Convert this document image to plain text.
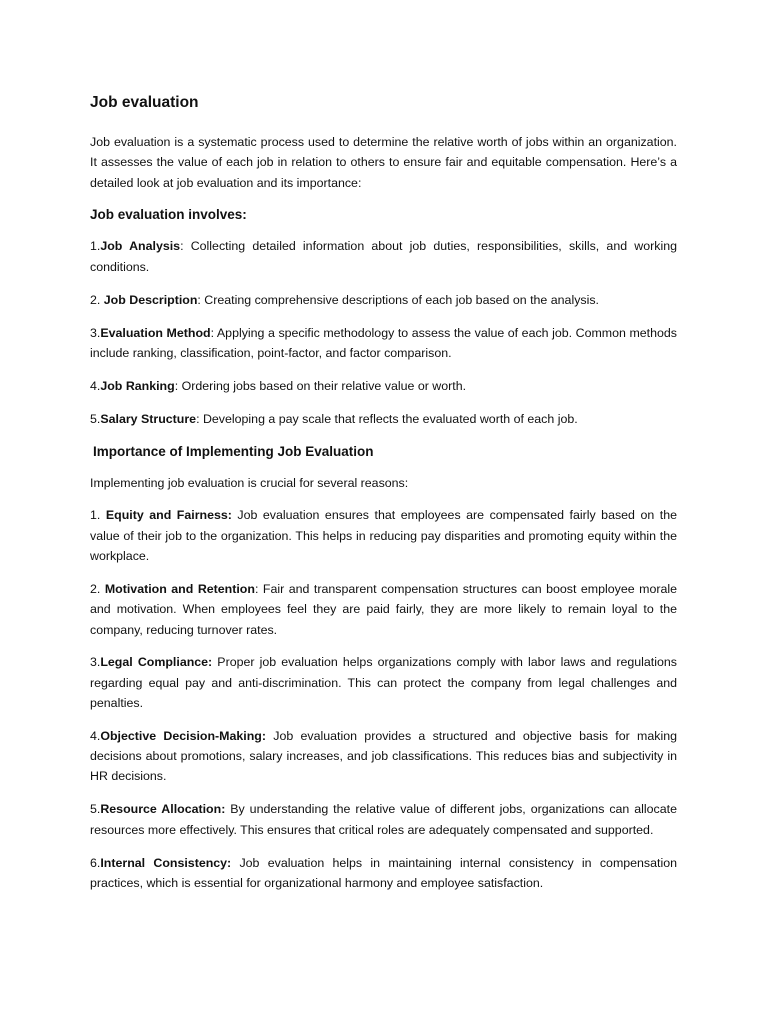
Job evaluation

Job evaluation is a systematic process used to determine the relative worth of jobs within an organization. It assesses the value of each job in relation to others to ensure fair and equitable compensation. Here’s a detailed look at job evaluation and its importance:

Job evaluation involves:

1.Job Analysis: Collecting detailed information about job duties, responsibilities, skills, and working conditions.

2. Job Description: Creating comprehensive descriptions of each job based on the analysis.

3.Evaluation Method: Applying a specific methodology to assess the value of each job. Common methods include ranking, classification, point-factor, and factor comparison.

4.Job Ranking: Ordering jobs based on their relative value or worth.

5.Salary Structure: Developing a pay scale that reflects the evaluated worth of each job.

Importance of Implementing Job Evaluation

Implementing job evaluation is crucial for several reasons:

1. Equity and Fairness: Job evaluation ensures that employees are compensated fairly based on the value of their job to the organization. This helps in reducing pay disparities and promoting equity within the workplace.

2. Motivation and Retention: Fair and transparent compensation structures can boost employee morale and motivation. When employees feel they are paid fairly, they are more likely to remain loyal to the company, reducing turnover rates.

3.Legal Compliance: Proper job evaluation helps organizations comply with labor laws and regulations regarding equal pay and anti-discrimination. This can protect the company from legal challenges and penalties.

4.Objective Decision-Making: Job evaluation provides a structured and objective basis for making decisions about promotions, salary increases, and job classifications. This reduces bias and subjectivity in HR decisions.

5.Resource Allocation: By understanding the relative value of different jobs, organizations can allocate resources more effectively. This ensures that critical roles are adequately compensated and supported.

6.Internal Consistency: Job evaluation helps in maintaining internal consistency in compensation practices, which is essential for organizational harmony and employee satisfaction.
